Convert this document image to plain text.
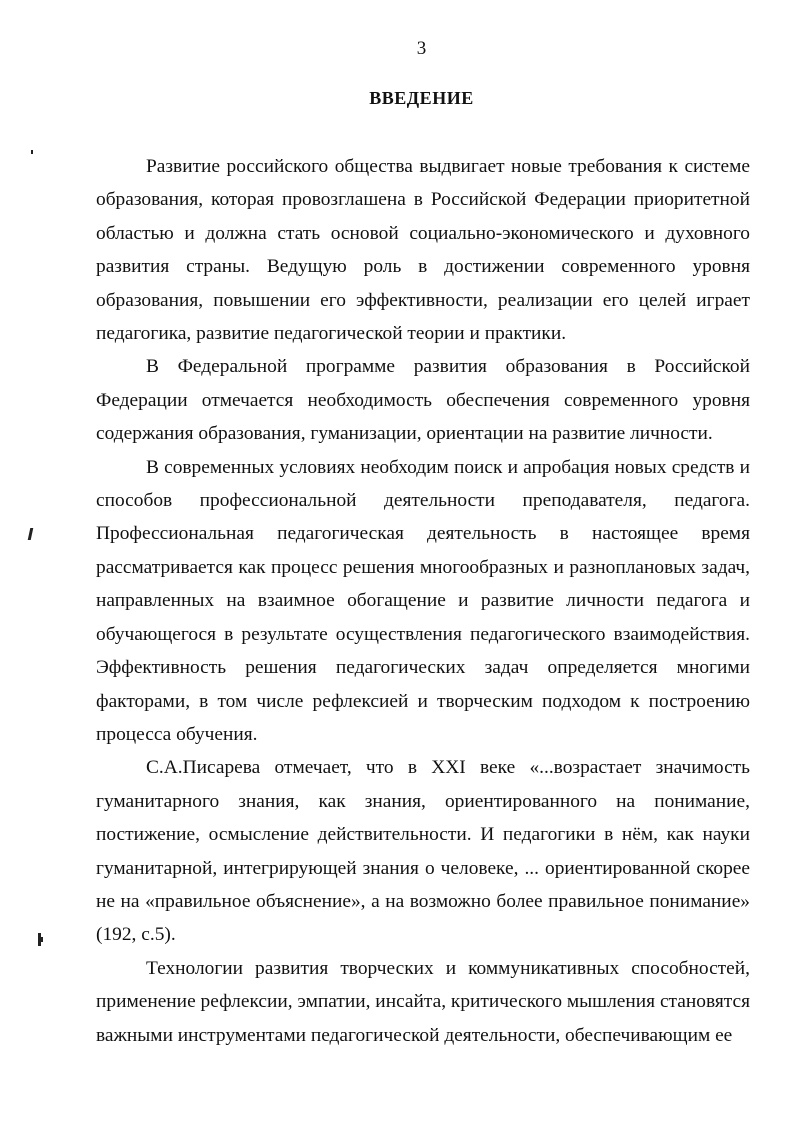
3
ВВЕДЕНИЕ

Развитие российского общества выдвигает новые требования к системе образования, которая провозглашена в Российской Федерации приоритетной областью и должна стать основой социально-экономического и духовного развития страны. Ведущую роль в достижении современного уровня образования, повышении его эффективности, реализации его целей играет педагогика, развитие педагогической теории и практики.

В Федеральной программе развития образования в Российской Федерации отмечается необходимость обеспечения современного уровня содержания образования, гуманизации, ориентации на развитие личности.

В современных условиях необходим поиск и апробация новых средств и способов профессиональной деятельности преподавателя, педагога. Профессиональная педагогическая деятельность в настоящее время рассматривается как процесс решения многообразных и разноплановых задач, направленных на взаимное обогащение и развитие личности педагога и обучающегося в результате осуществления педагогического взаимодействия. Эффективность решения педагогических задач определяется многими факторами, в том числе рефлексией и творческим подходом к построению процесса обучения.

С.А.Писарева отмечает, что в XXI веке «...возрастает значимость гуманитарного знания, как знания, ориентированного на понимание, постижение, осмысление действительности. И педагогики в нём, как науки гуманитарной, интегрирующей знания о человеке, ... ориентированной скорее не на «правильное объяснение», а на возможно более правильное понимание» (192, с.5).

Технологии развития творческих и коммуникативных способностей, применение рефлексии, эмпатии, инсайта, критического мышления становятся важными инструментами педагогической деятельности, обеспечивающим ее
